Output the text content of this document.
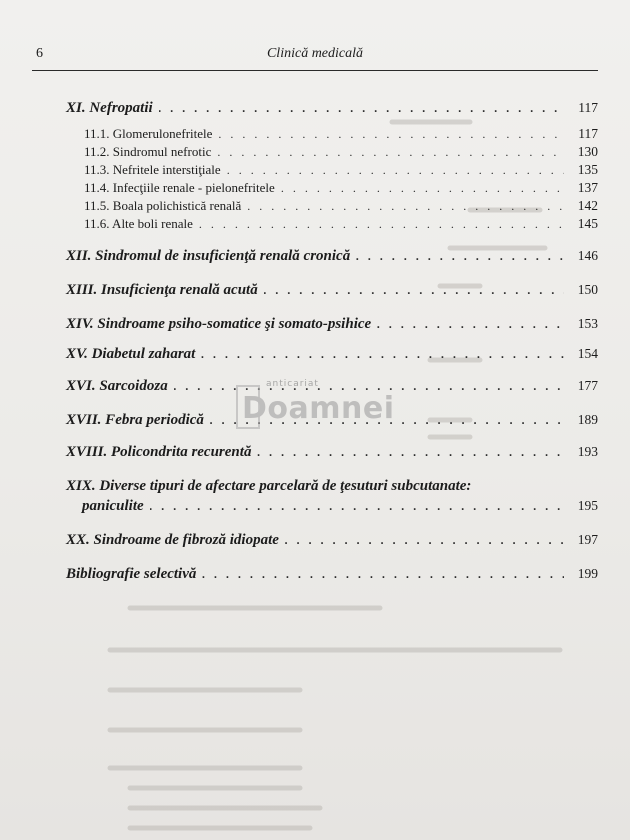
6	Clinică medicală
XI. Nefropatii . . .	117
11.1. Glomerulonefritele . . .	117
11.2. Sindromul nefrotic . . .	130
11.3. Nefritele interstiţiale . . .	135
11.4. Infecţiile renale - pielonefritele . . .	137
11.5. Boala polichistică renală . . .	142
11.6. Alte boli renale . . .	145
XII. Sindromul de insuficienţă renală cronică . . .	146
XIII. Insuficienţa renală acută . . .	150
XIV. Sindroame psiho-somatice şi somato-psihice . . .	153
XV. Diabetul zaharat . . .	154
XVI. Sarcoidoza . . .	177
XVII. Febra periodică . . .	189
XVIII. Policondrita recurentă . . .	193
XIX. Diverse tipuri de afectare parcelară de ţesuturi subcutanate:
paniculite . . .	195
XX. Sindroame de fibroză idiopate . . .	197
Bibliografie selectivă . . .	199
anticariat
Doamnei
